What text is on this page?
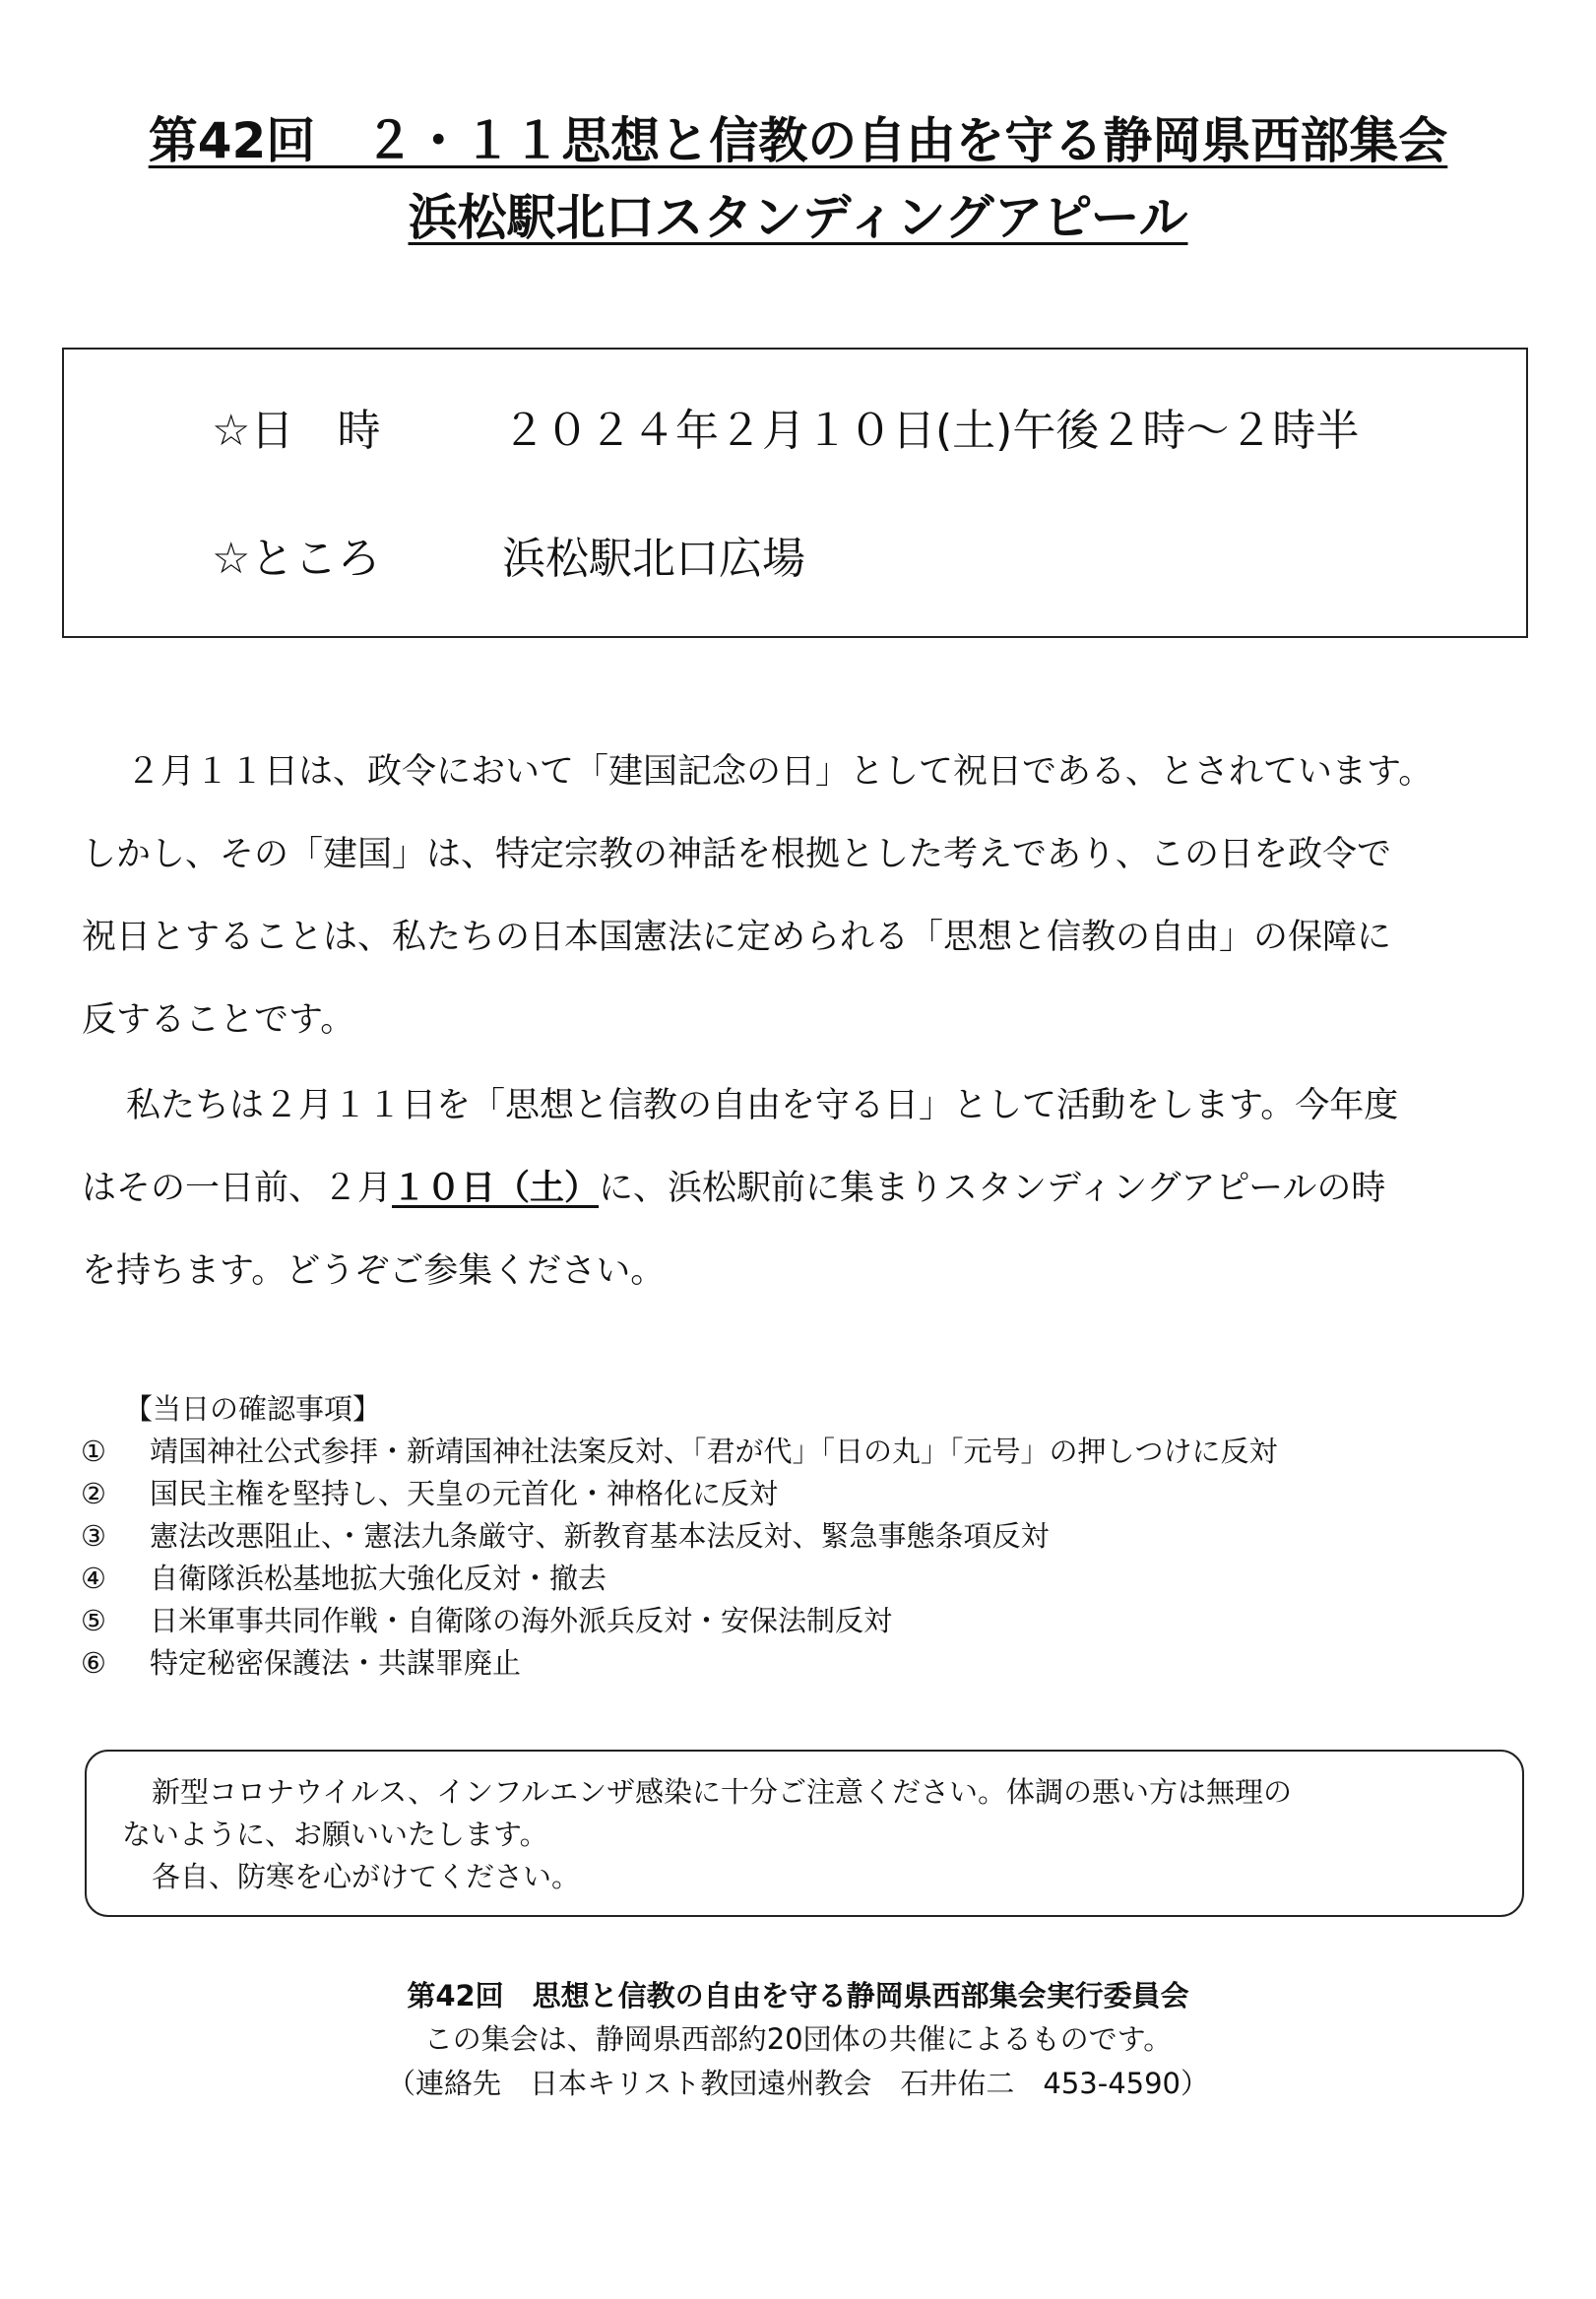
第42回　２・１１思想と信教の自由を守る静岡県西部集会
浜松駅北口スタンディングアピール
☆日　時	２０２４年２月１０日(土)午後２時～２時半
☆ところ	浜松駅北口広場
２月１１日は、政令において「建国記念の日」として祝日である、とされています。
しかし、その「建国」は、特定宗教の神話を根拠とした考えであり、この日を政令で
祝日とすることは、私たちの日本国憲法に定められる「思想と信教の自由」の保障に
反することです。
私たちは２月１１日を「思想と信教の自由を守る日」として活動をします。今年度
はその一日前、２月１０日（土）に、浜松駅前に集まりスタンディングアピールの時
を持ちます。どうぞご参集ください。
【当日の確認事項】
① 靖国神社公式参拝・新靖国神社法案反対、「君が代」「日の丸」「元号」の押しつけに反対
② 国民主権を堅持し、天皇の元首化・神格化に反対
③ 憲法改悪阻止、・憲法九条厳守、新教育基本法反対、緊急事態条項反対
④ 自衛隊浜松基地拡大強化反対・撤去
⑤ 日米軍事共同作戦・自衛隊の海外派兵反対・安保法制反対
⑥ 特定秘密保護法・共謀罪廃止
新型コロナウイルス、インフルエンザ感染に十分ご注意ください。体調の悪い方は無理の
ないように、お願いいたします。
各自、防寒を心がけてください。
第42回　思想と信教の自由を守る静岡県西部集会実行委員会
この集会は、静岡県西部約20団体の共催によるものです。
（連絡先　日本キリスト教団遠州教会　石井佑二　453-4590）
